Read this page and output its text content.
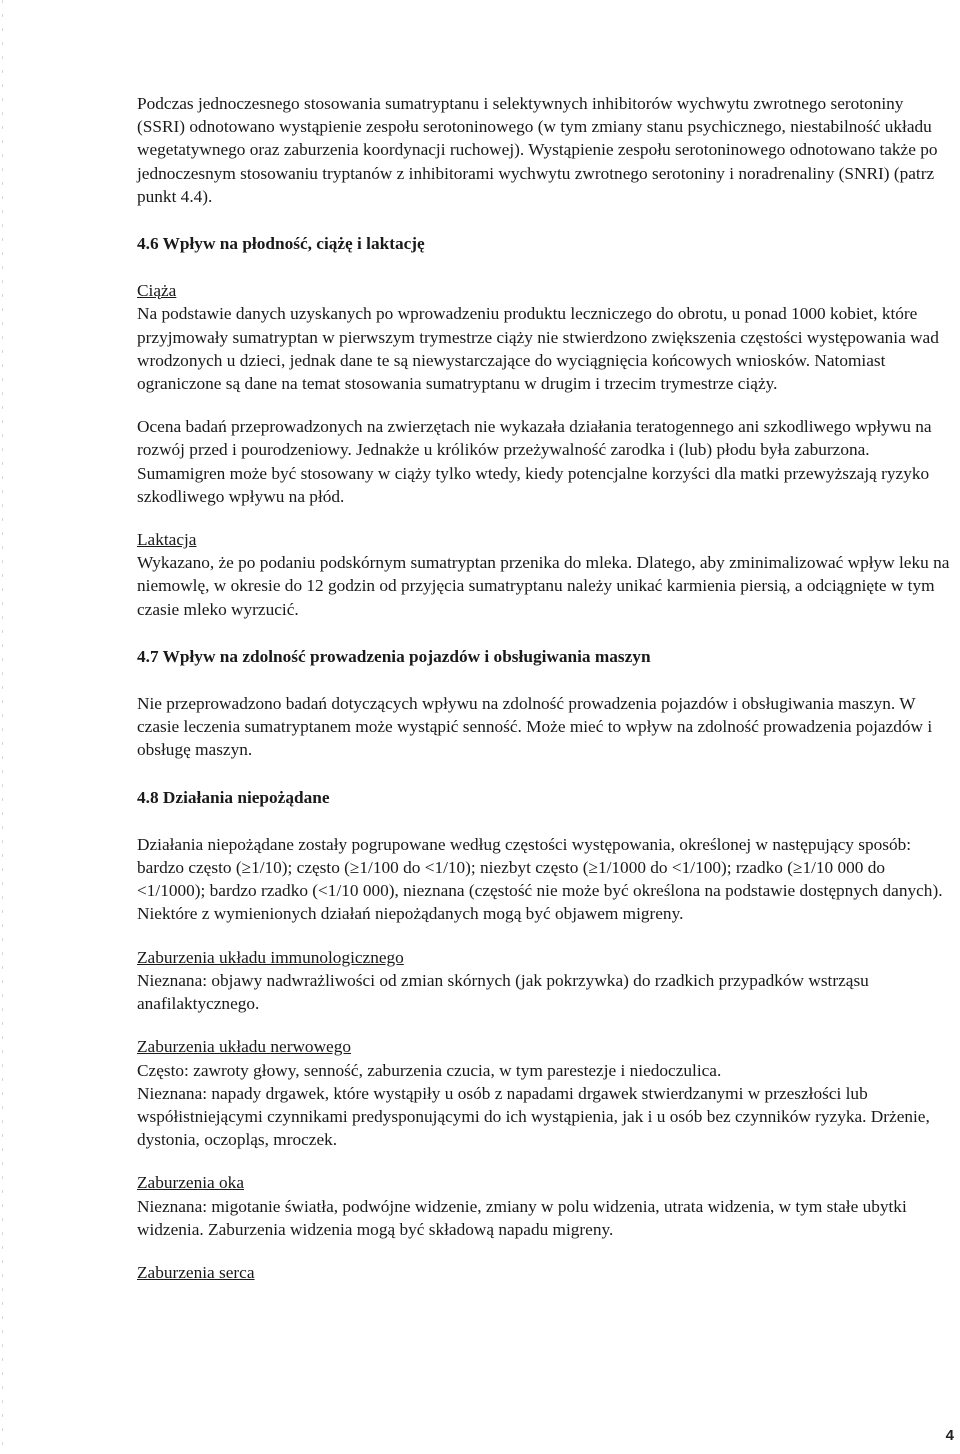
Podczas jednoczesnego stosowania sumatryptanu i selektywnych inhibitorów wychwytu zwrotnego serotoniny (SSRI) odnotowano wystąpienie zespołu serotoninowego (w tym zmiany stanu psychicznego, niestabilność układu wegetatywnego oraz zaburzenia koordynacji ruchowej). Wystąpienie zespołu serotoninowego odnotowano także po jednoczesnym stosowaniu tryptanów z inhibitorami wychwytu zwrotnego serotoniny i noradrenaliny (SNRI) (patrz punkt 4.4).

4.6 Wpływ na płodność, ciążę i laktację

Ciąża

Na podstawie danych uzyskanych po wprowadzeniu produktu leczniczego do obrotu, u ponad 1000 kobiet, które przyjmowały sumatryptan w pierwszym trymestrze ciąży nie stwierdzono zwiększenia częstości występowania wad wrodzonych u dzieci, jednak dane te są niewystarczające do wyciągnięcia końcowych wniosków. Natomiast ograniczone są dane na temat stosowania sumatryptanu w drugim i trzecim trymestrze ciąży.

Ocena badań przeprowadzonych na zwierzętach nie wykazała działania teratogennego ani szkodliwego wpływu na rozwój przed i pourodzeniowy. Jednakże u królików przeżywalność zarodka i (lub) płodu była zaburzona.

Sumamigren może być stosowany w ciąży tylko wtedy, kiedy potencjalne korzyści dla matki przewyższają ryzyko szkodliwego wpływu na płód.

Laktacja

Wykazano, że po podaniu podskórnym sumatryptan przenika do mleka. Dlatego, aby zminimalizować wpływ leku na niemowlę, w okresie do 12 godzin od przyjęcia sumatryptanu należy unikać karmienia piersią, a odciągnięte w tym czasie mleko wyrzucić.

4.7 Wpływ na zdolność prowadzenia pojazdów i obsługiwania maszyn

Nie przeprowadzono badań dotyczących wpływu na zdolność prowadzenia pojazdów i obsługiwania maszyn. W czasie leczenia sumatryptanem może wystąpić senność. Może mieć to wpływ na zdolność prowadzenia pojazdów i obsługę maszyn.

4.8 Działania niepożądane

Działania niepożądane zostały pogrupowane według częstości występowania, określonej w następujący sposób: bardzo często (≥1/10); często (≥1/100 do <1/10); niezbyt często (≥1/1000 do <1/100); rzadko (≥1/10 000 do <1/1000); bardzo rzadko (<1/10 000), nieznana (częstość nie może być określona na podstawie dostępnych danych). Niektóre z wymienionych działań niepożądanych mogą być objawem migreny.

Zaburzenia układu immunologicznego

Nieznana: objawy nadwrażliwości od zmian skórnych (jak pokrzywka) do rzadkich przypadków wstrząsu anafilaktycznego.

Zaburzenia układu nerwowego

Często: zawroty głowy, senność, zaburzenia czucia, w tym parestezje i niedoczulica.

Nieznana: napady drgawek, które wystąpiły u osób z napadami drgawek stwierdzanymi w przeszłości lub współistniejącymi czynnikami predysponującymi do ich wystąpienia, jak i u osób bez czynników ryzyka. Drżenie, dystonia, oczopląs, mroczek.

Zaburzenia oka

Nieznana: migotanie światła, podwójne widzenie, zmiany w polu widzenia, utrata widzenia, w tym stałe ubytki widzenia. Zaburzenia widzenia mogą być składową napadu migreny.

Zaburzenia serca

4
